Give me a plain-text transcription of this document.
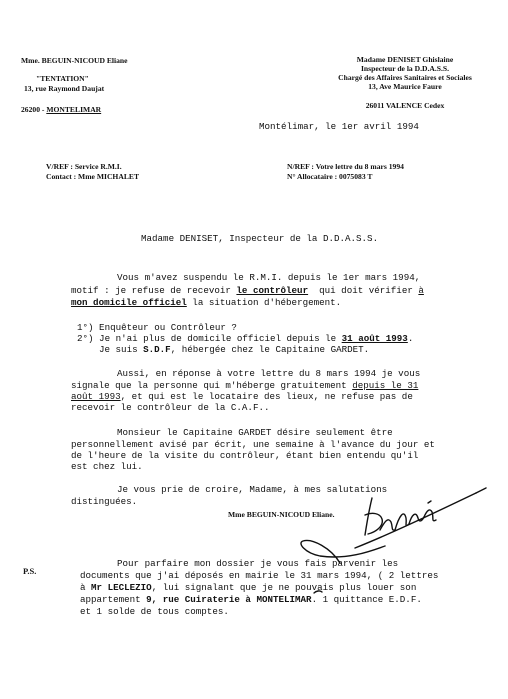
Mme. BEGUIN-NICOUD Eliane
"TENTATION"
13, rue Raymond Daujat
26200 - MONTELIMAR
Madame DENISET Ghislaine
Inspecteur de la D.D.A.S.S.
Chargé des Affaires Sanitaires et Sociales
13, Ave Maurice Faure
26011 VALENCE Cedex
Montélimar, le 1er avril 1994
V/REF : Service R.M.I.
Contact : Mme MICHALET
N/REF : Votre lettre du 8 mars 1994
N° Allocataire : 0075083 T
Madame DENISET, Inspecteur de la D.D.A.S.S.
Vous m'avez suspendu le R.M.I. depuis le 1er mars 1994,
motif : je refuse de recevoir le contrôleur  qui doit vérifier à
mon domicile officiel la situation d'hébergement.
1°) Enquêteur ou Contrôleur ?
2°) Je n'ai plus de domicile officiel depuis le 31 août 1993.
Je suis S.D.F, hébergée chez le Capitaine GARDET.
Aussi, en réponse à votre lettre du 8 mars 1994 je vous
signale que la personne qui m'héberge gratuitement depuis le 31
août 1993, et qui est le locataire des lieux, ne refuse pas de
recevoir le contrôleur de la C.A.F..
Monsieur le Capitaine GARDET désire seulement être
personnellement avisé par écrit, une semaine à l'avance du jour et
de l'heure de la visite du contrôleur, étant bien entendu qu'il
est chez lui.
Je vous prie de croire, Madame, à mes salutations
distinguées.
Mme BEGUIN-NICOUD Eliane.
P.S.
Pour parfaire mon dossier je vous fais parvenir les
documents que j'ai déposés en mairie le 31 mars 1994, ( 2 lettres
à Mr LECLEZIO, lui signalant que je ne pouvais plus louer son
appartement 9, rue Cuiraterie à MONTELIMAR. 1 quittance E.D.F.
et 1 solde de tous comptes.
